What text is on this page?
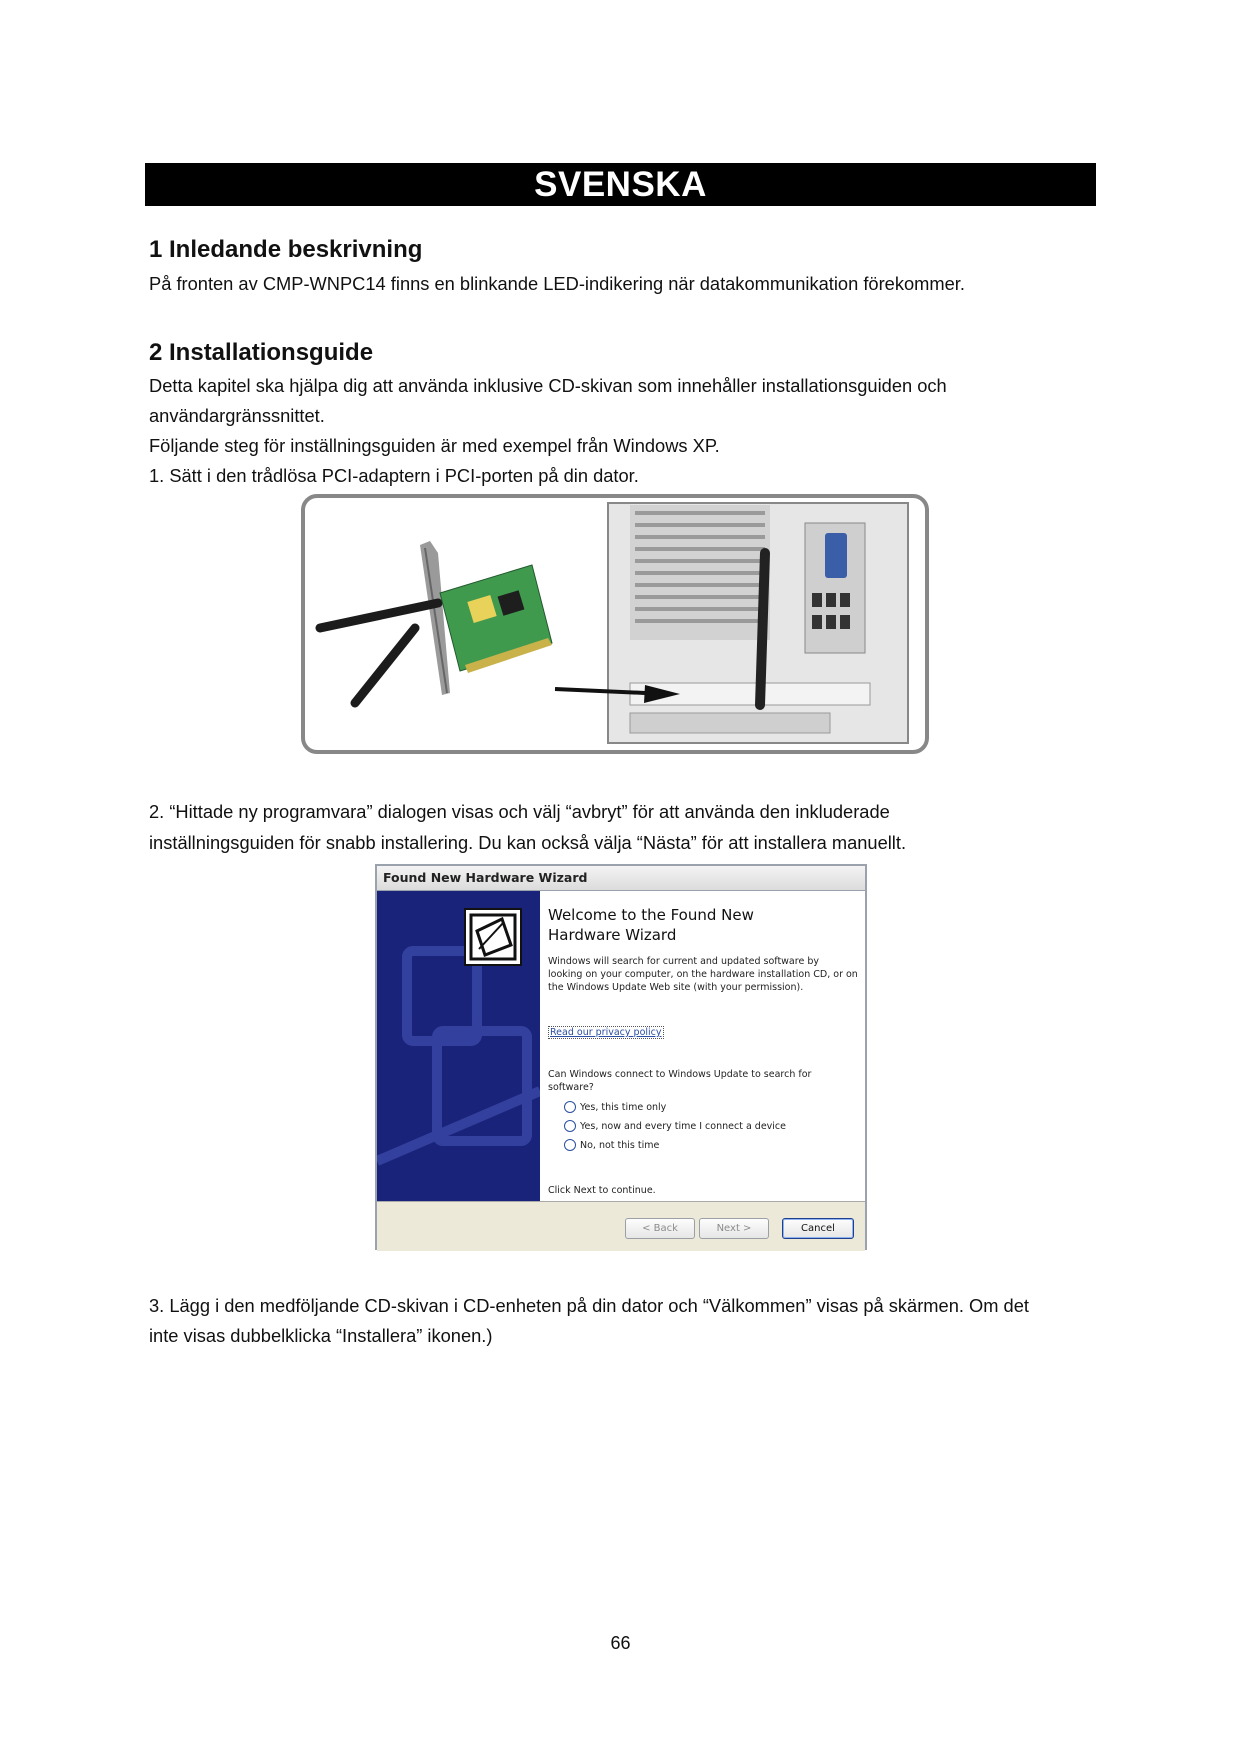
SVENSKA
1 Inledande beskrivning

På fronten av CMP-WNPC14 finns en blinkande LED-indikering när datakommunikation förekommer.

2 Installationsguide

Detta kapitel ska hjälpa dig att använda inklusive CD-skivan som innehåller installationsguiden och

användargränssnittet.

Följande steg för inställningsguiden är med exempel från Windows XP.

1. Sätt i den trådlösa PCI-adaptern i PCI-porten på din dator.

2. “Hittade ny programvara” dialogen visas och välj “avbryt” för att använda den inkluderade

inställningsguiden för snabb installering. Du kan också välja “Nästa” för att installera manuellt.

Found New Hardware Wizard
Welcome to the Found New
Hardware Wizard
Windows will search for current and updated software by
looking on your computer, on the hardware installation CD, or on
the Windows Update Web site (with your permission).
Read our privacy policy
Can Windows connect to Windows Update to search for
software?
Yes, this time only
Yes, now and every time I connect a device
No, not this time
Click Next to continue.
< Back	Next >	Cancel

3. Lägg i den medföljande CD-skivan i CD-enheten på din dator och “Välkommen” visas på skärmen. Om det

inte visas dubbelklicka “Installera” ikonen.)

66
